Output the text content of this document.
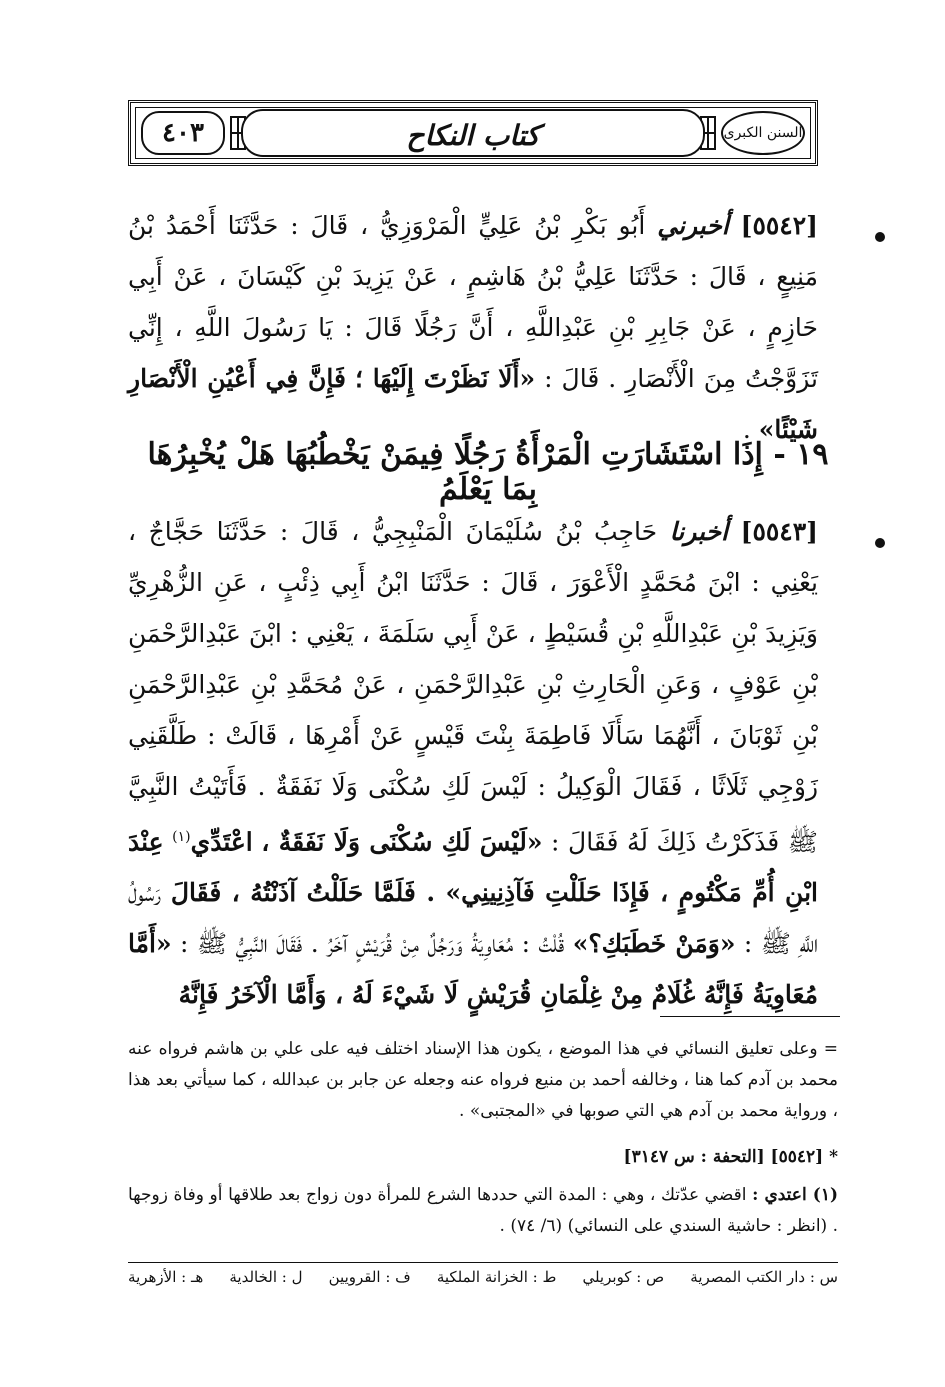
كتاب النكاح
٤٠٣	السنن الكبرى
[٥٥٤٢] أخبرني أَبُو بَكْرِ بْنُ عَلِيٍّ الْمَرْوَزِيُّ ، قَالَ : حَدَّثَنَا أَحْمَدُ بْنُ مَنِيعٍ ، قَالَ : حَدَّثَنَا عَلِيُّ بْنُ هَاشِمٍ ، عَنْ يَزِيدَ بْنِ كَيْسَانَ ، عَنْ أَبِي حَازِمٍ ، عَنْ جَابِرِ بْنِ عَبْدِاللَّهِ ، أَنَّ رَجُلًا قَالَ : يَا رَسُولَ اللَّهِ ، إِنِّي تَزَوَّجْتُ مِنَ الْأَنْصَارِ . قَالَ : «أَلَا نَظَرْتَ إِلَيْهَا ؛ فَإِنَّ فِي أَعْيُنِ الْأَنْصَارِ شَيْئًا» .
١٩ - إِذَا اسْتَشَارَتِ الْمَرْأَةُ رَجُلًا فِيمَنْ يَخْطُبُهَا هَلْ يُخْبِرُهَا بِمَا يَعْلَمُ
[٥٥٤٣] أخبرنا حَاجِبُ بْنُ سُلَيْمَانَ الْمَنْبِجِيُّ ، قَالَ : حَدَّثَنَا حَجَّاجٌ ، يَعْنِي : ابْنَ مُحَمَّدٍ الْأَعْوَرَ ، قَالَ : حَدَّثَنَا ابْنُ أَبِي ذِئْبٍ ، عَنِ الزُّهْرِيِّ وَيَزِيدَ بْنِ عَبْدِاللَّهِ بْنِ قُسَيْطٍ ، عَنْ أَبِي سَلَمَةَ ، يَعْنِي : ابْنَ عَبْدِالرَّحْمَنِ بْنِ عَوْفٍ ، وَعَنِ الْحَارِثِ بْنِ عَبْدِالرَّحْمَنِ ، عَنْ مُحَمَّدِ بْنِ عَبْدِالرَّحْمَنِ بْنِ ثَوْبَانَ ، أَنَّهُمَا سَأَلَا فَاطِمَةَ بِنْتَ قَيْسٍ عَنْ أَمْرِهَا ، قَالَتْ : طَلَّقَنِي زَوْجِي ثَلَاثًا ، فَقَالَ الْوَكِيلُ : لَيْسَ لَكِ سُكْنَى وَلَا نَفَقَةٌ . فَأَتَيْتُ النَّبِيَّ ﷺ فَذَكَرْتُ ذَلِكَ لَهُ فَقَالَ : «لَيْسَ لَكِ سُكْنَى وَلَا نَفَقَةٌ ، اعْتَدِّي$^{(١)}$ عِنْدَ ابْنِ أُمِّ مَكْتُومٍ ، فَإِذَا حَلَلْتِ فَآذِنِينِي» . فَلَمَّا حَلَلْتُ آذَنْتُهُ ، فَقَالَ رَسُولُ اللَّهِ ﷺ : «وَمَنْ خَطَبَكِ؟» قُلْتُ : مُعَاوِيَةُ وَرَجُلٌ مِنْ قُرَيْشٍ آخَرُ . فَقَالَ النَّبِيُّ ﷺ : «أَمَّا مُعَاوِيَةُ فَإِنَّهُ غُلَامٌ مِنْ غِلْمَانِ قُرَيْشٍ لَا شَيْءَ لَهُ ، وَأَمَّا الْآخَرُ فَإِنَّهُ
= وعلى تعليق النسائي في هذا الموضع ، يكون هذا الإسناد اختلف فيه على علي بن هاشم فرواه عنه محمد بن آدم كما هنا ، وخالفه أحمد بن منيع فرواه عنه وجعله عن جابر بن عبدالله ، كما سيأتي بعد هذا ، ورواية محمد بن آدم هي التي صوبها في «المجتبى» .
* [٥٥٤٢] [التحفة : س ٣١٤٧]
(١) اعتدي : اقضي عدّتك ، وهي : المدة التي حددها الشرع للمرأة دون زواج بعد طلاقها أو وفاة زوجها . (انظر : حاشية السندي على النسائي) (٦/ ٧٤) .
س : دار الكتب المصرية
ص : كوبريلي
ط : الخزانة الملكية
ف : القرويين
ل : الخالدية
هـ : الأزهرية
